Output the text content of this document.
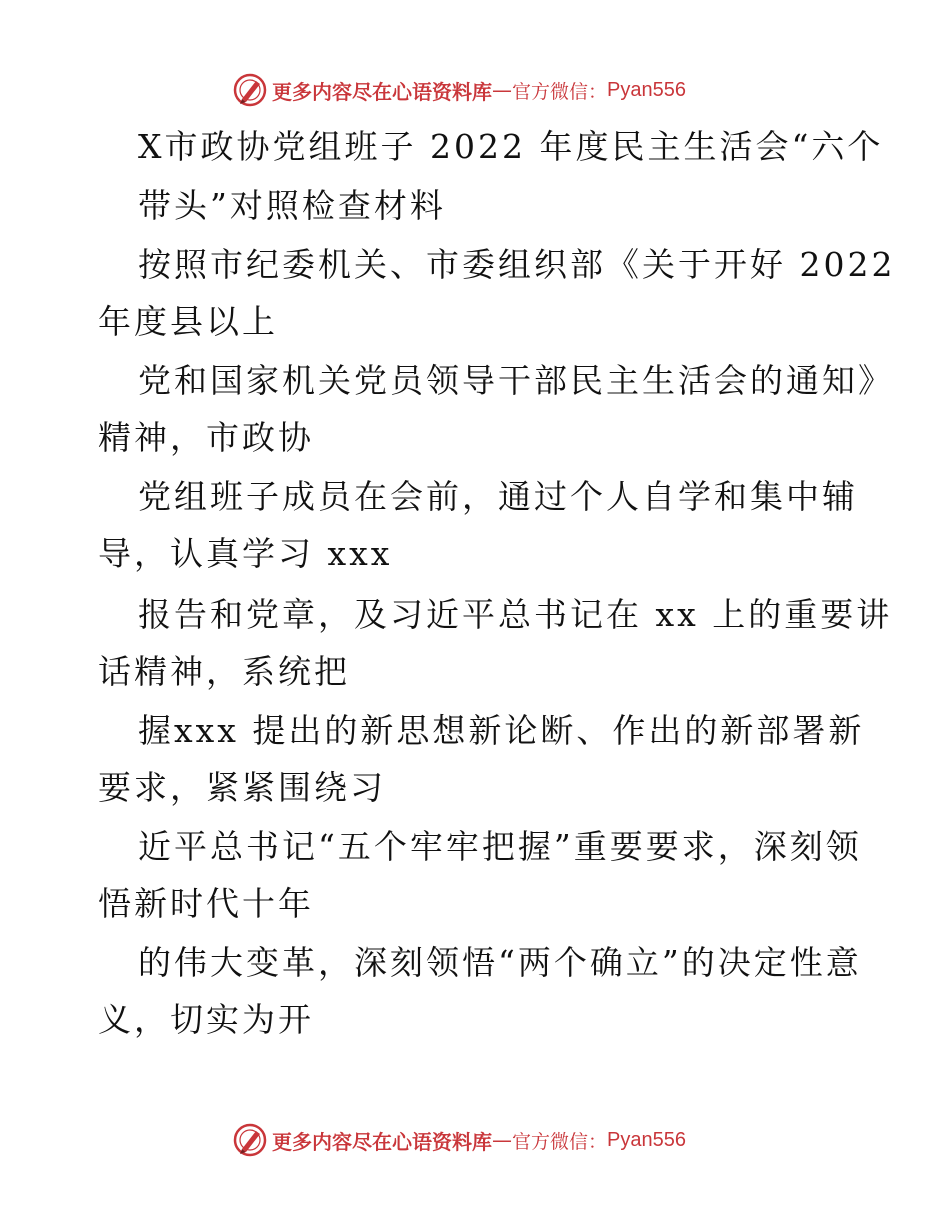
更多内容尽在心语资料库 — 官方微信： Pyan556
X市政协党组班子 2022 年度民主生活会“六个
带头”对照检查材料
按照市纪委机关、市委组织部《关于开好 2022
年度县以上
党和国家机关党员领导干部民主生活会的通知》
精神，市政协
党组班子成员在会前，通过个人自学和集中辅
导，认真学习 xxx
报告和党章，及习近平总书记在 xx 上的重要讲
话精神，系统把
握xxx 提出的新思想新论断、作出的新部署新
要求，紧紧围绕习
近平总书记“五个牢牢把握”重要要求，深刻领
悟新时代十年
的伟大变革，深刻领悟“两个确立”的决定性意
义，切实为开
更多内容尽在心语资料库 — 官方微信： Pyan556
